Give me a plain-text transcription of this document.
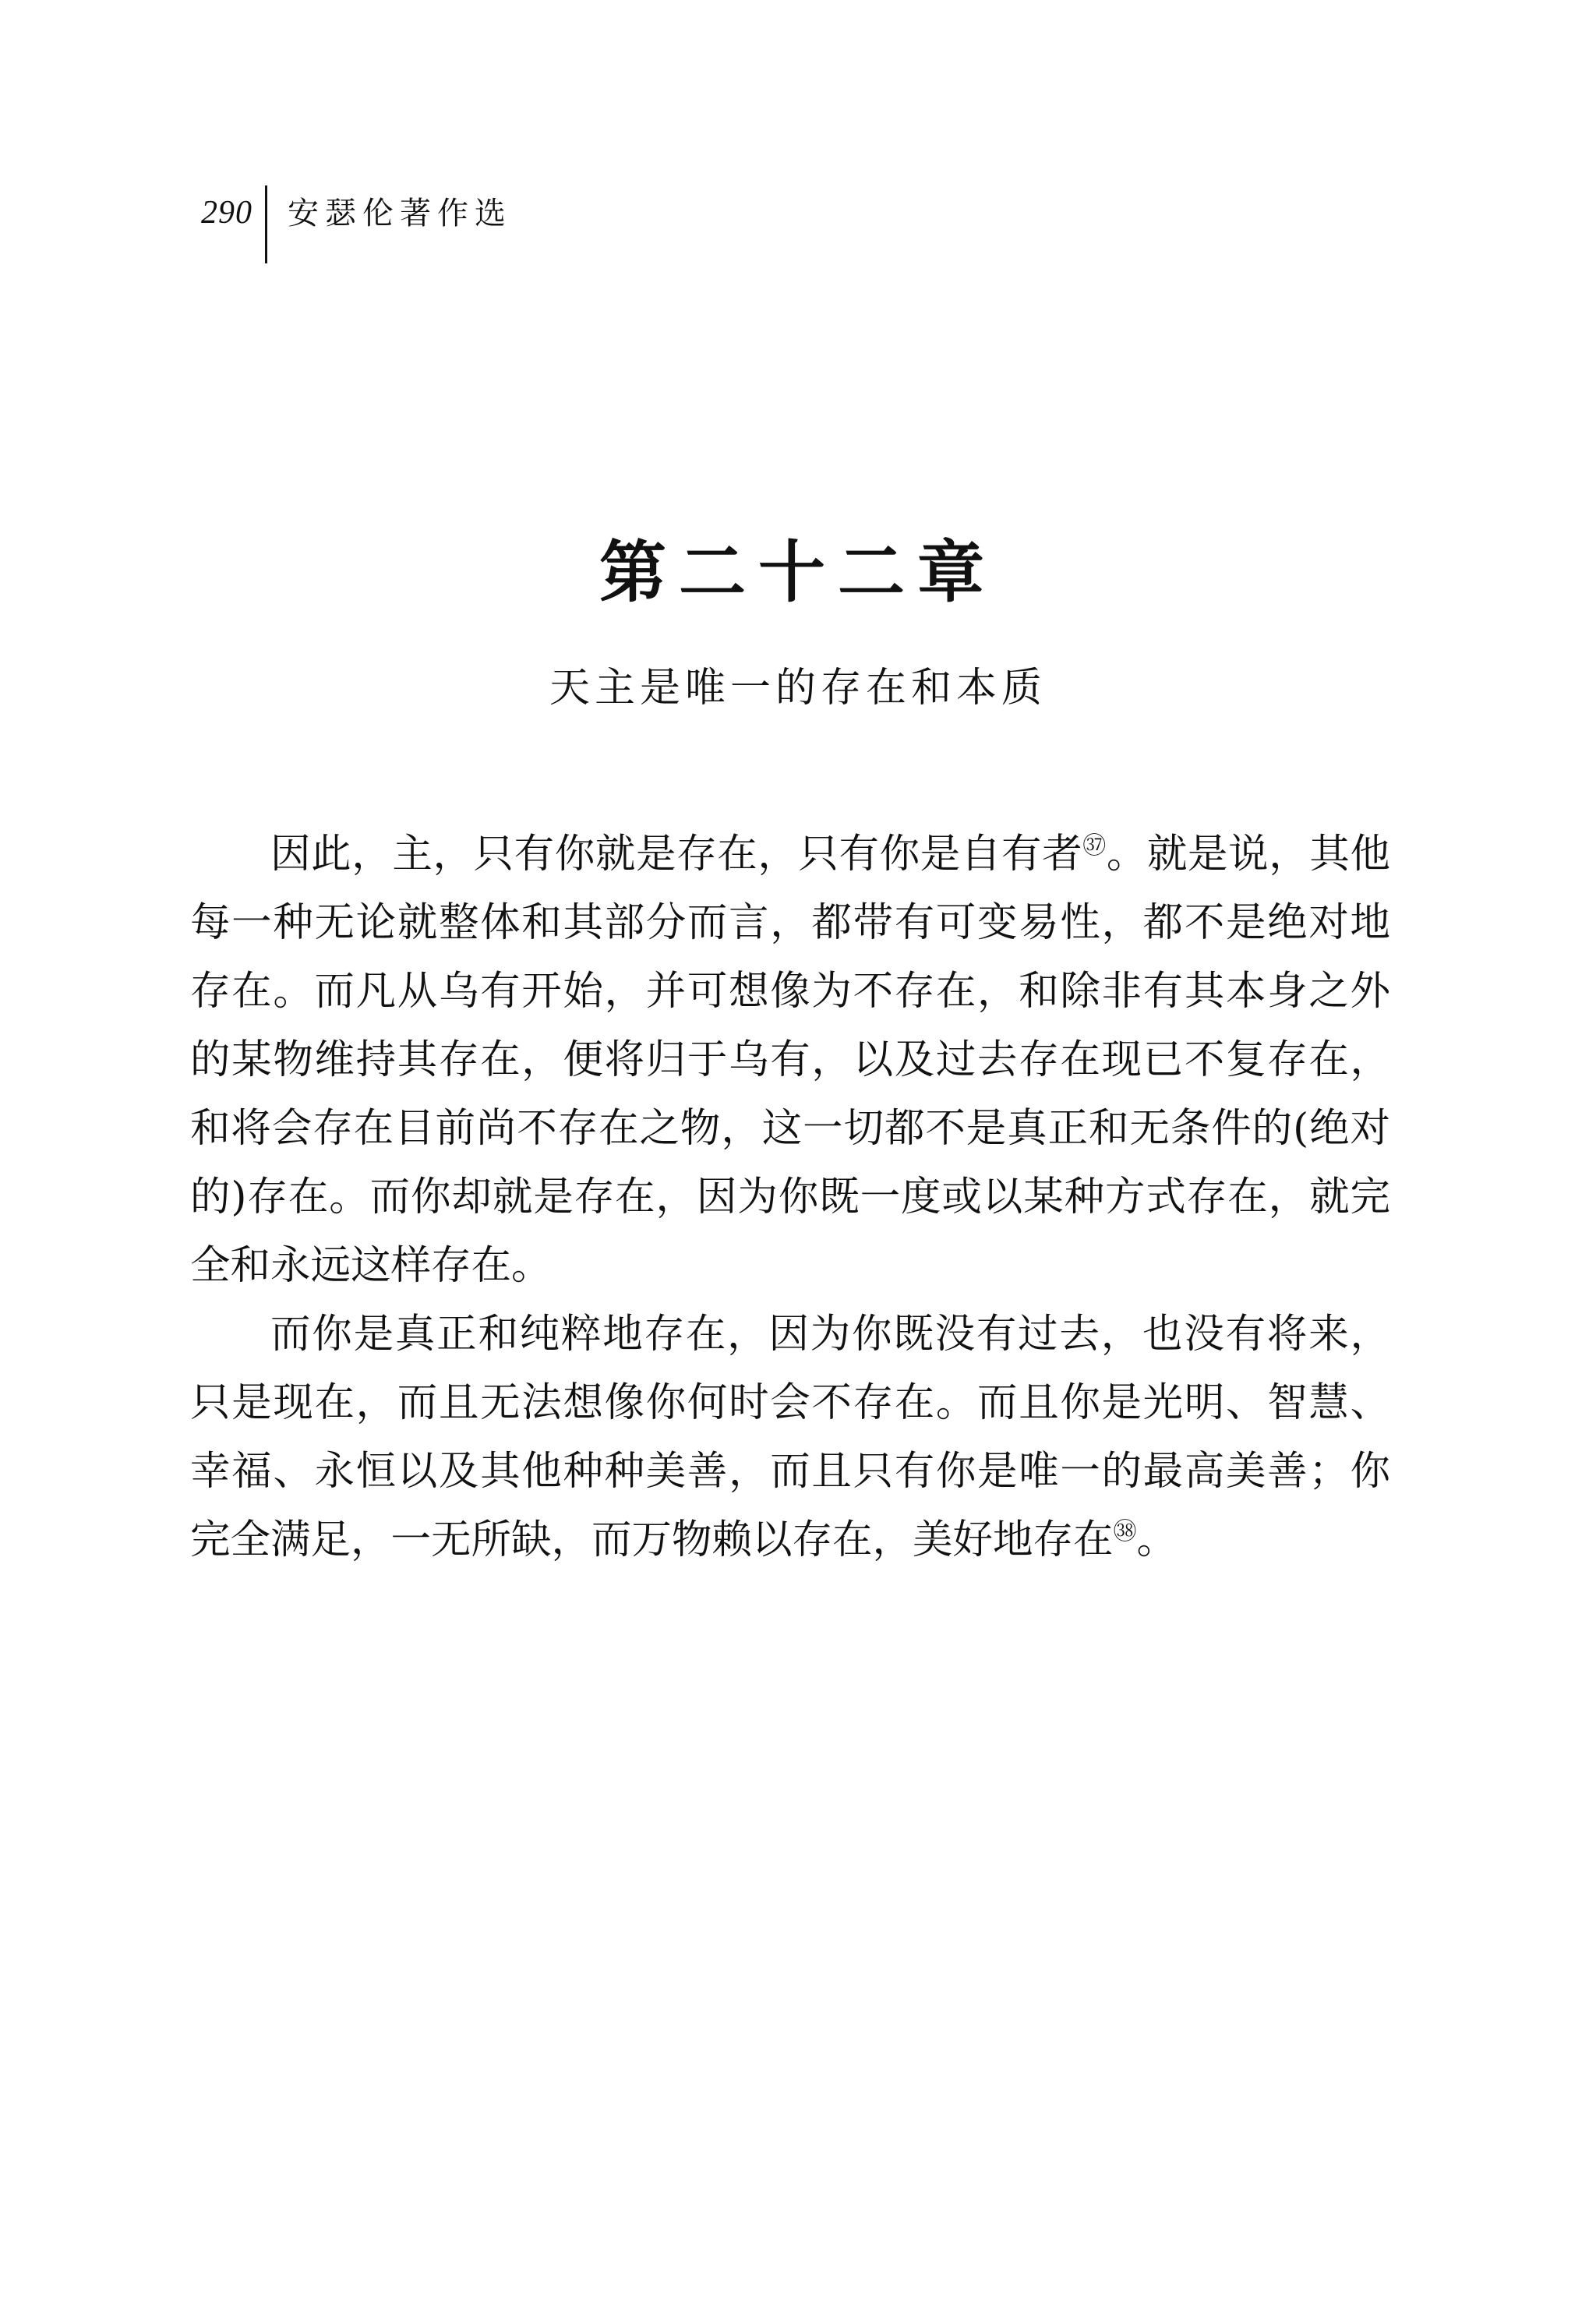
290	安瑟伦著作选
第二十二章
天主是唯一的存在和本质

因此，主，只有你就是存在，只有你是自有者$^㊲$。就是说，其他每一种无论就整体和其部分而言，都带有可变易性，都不是绝对地存在。而凡从乌有开始，并可想像为不存在，和除非有其本身之外的某物维持其存在，便将归于乌有，以及过去存在现已不复存在，和将会存在目前尚不存在之物，这一切都不是真正和无条件的(绝对的)存在。而你却就是存在，因为你既一度或以某种方式存在，就完全和永远这样存在。

而你是真正和纯粹地存在，因为你既没有过去，也没有将来，只是现在，而且无法想像你何时会不存在。而且你是光明、智慧、幸福、永恒以及其他种种美善，而且只有你是唯一的最高美善；你完全满足，一无所缺，而万物赖以存在，美好地存在$^㊳$。
